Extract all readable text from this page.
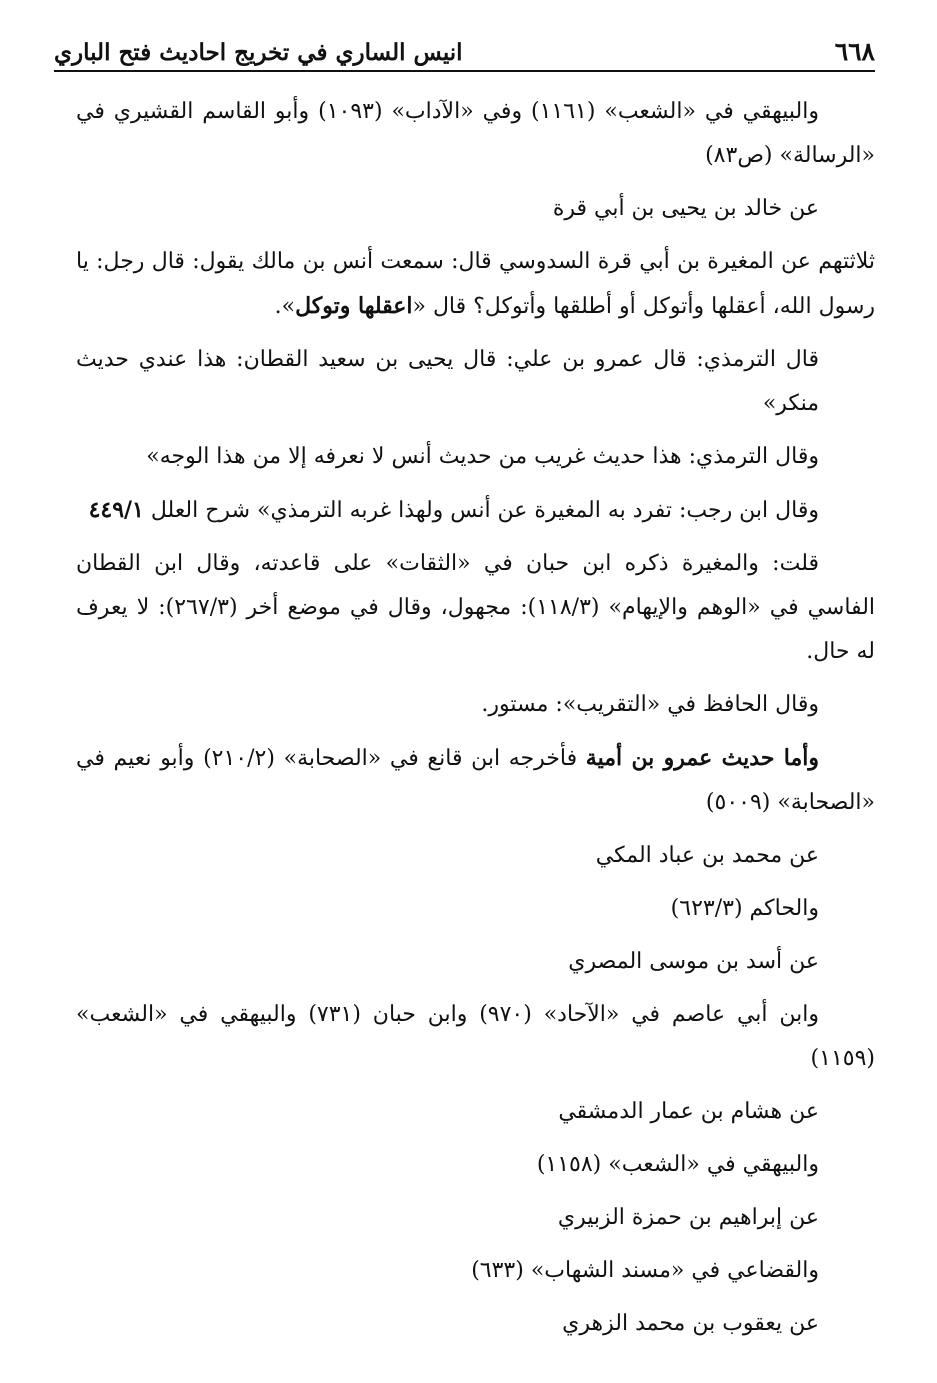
٦٦٨
انيس الساري في تخريج احاديث فتح الباري

والبيهقي في «الشعب» (١١٦١) وفي «الآداب» (١٠٩٣) وأبو القاسم القشيري في «الرسالة» (ص٨٣)

عن خالد بن يحيى بن أبي قرة

ثلاثتهم عن المغيرة بن أبي قرة السدوسي قال: سمعت أنس بن مالك يقول: قال رجل: يا رسول الله، أعقلها وأتوكل أو أطلقها وأتوكل؟ قال «اعقلها وتوكل».

قال الترمذي: قال عمرو بن علي: قال يحيى بن سعيد القطان: هذا عندي حديث منكر»

وقال الترمذي: هذا حديث غريب من حديث أنس لا نعرفه إلا من هذا الوجه»

وقال ابن رجب: تفرد به المغيرة عن أنس ولهذا غربه الترمذي» شرح العلل ٤٤٩/١

قلت: والمغيرة ذكره ابن حبان في «الثقات» على قاعدته، وقال ابن القطان الفاسي في «الوهم والإيهام» (١١٨/٣): مجهول، وقال في موضع أخر (٢٦٧/٣): لا يعرف له حال.

وقال الحافظ في «التقريب»: مستور.

وأما حديث عمرو بن أمية فأخرجه ابن قانع في «الصحابة» (٢١٠/٢) وأبو نعيم في «الصحابة» (٥٠٠٩)

عن محمد بن عباد المكي

والحاكم (٦٢٣/٣)

عن أسد بن موسى المصري

وابن أبي عاصم في «الآحاد» (٩٧٠) وابن حبان (٧٣١) والبيهقي في «الشعب» (١١٥٩)

عن هشام بن عمار الدمشقي

والبيهقي في «الشعب» (١١٥٨)

عن إبراهيم بن حمزة الزبيري

والقضاعي في «مسند الشهاب» (٦٣٣)

عن يعقوب بن محمد الزهري
